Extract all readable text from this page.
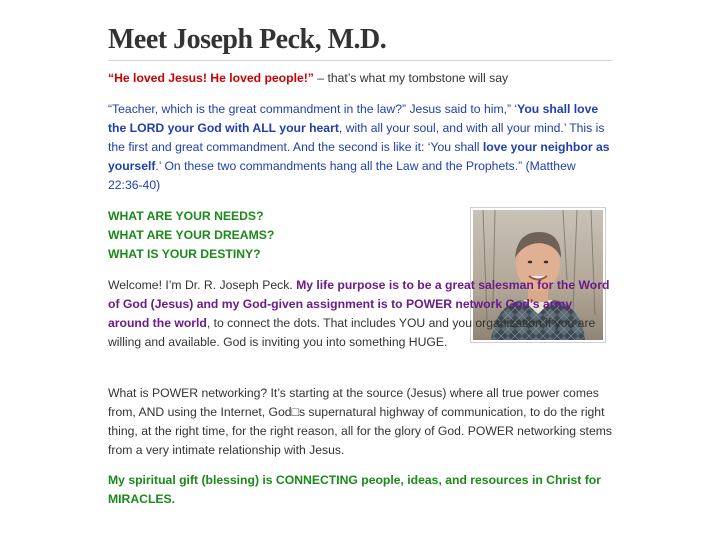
Meet Joseph Peck, M.D.

“He loved Jesus! He loved people!” – that’s what my tombstone will say

“Teacher, which is the great commandment in the law?” Jesus said to him,” ‘You shall love the LORD your God with ALL your heart, with all your soul, and with all your mind.’ This is the first and great commandment. And the second is like it: ‘You shall love your neighbor as yourself.’ On these two commandments hang all the Law and the Prophets.” (Matthew 22:36-40)

WHAT ARE YOUR NEEDS?

WHAT ARE YOUR DREAMS?

WHAT IS YOUR DESTINY?

Welcome! I’m Dr. R. Joseph Peck. My life purpose is to be a great salesman for the Word of God (Jesus) and my God-given assignment is to POWER network God’s army around the world, to connect the dots. That includes YOU and you organization if you are willing and available. God is inviting you into something HUGE.

What is POWER networking? It’s starting at the source (Jesus) where all true power comes from, AND using the Internet, God□s supernatural highway of communication, to do the right thing, at the right time, for the right reason, all for the glory of God. POWER networking stems from a very intimate relationship with Jesus.

My spiritual gift (blessing) is CONNECTING people, ideas, and resources in Christ for MIRACLES.
